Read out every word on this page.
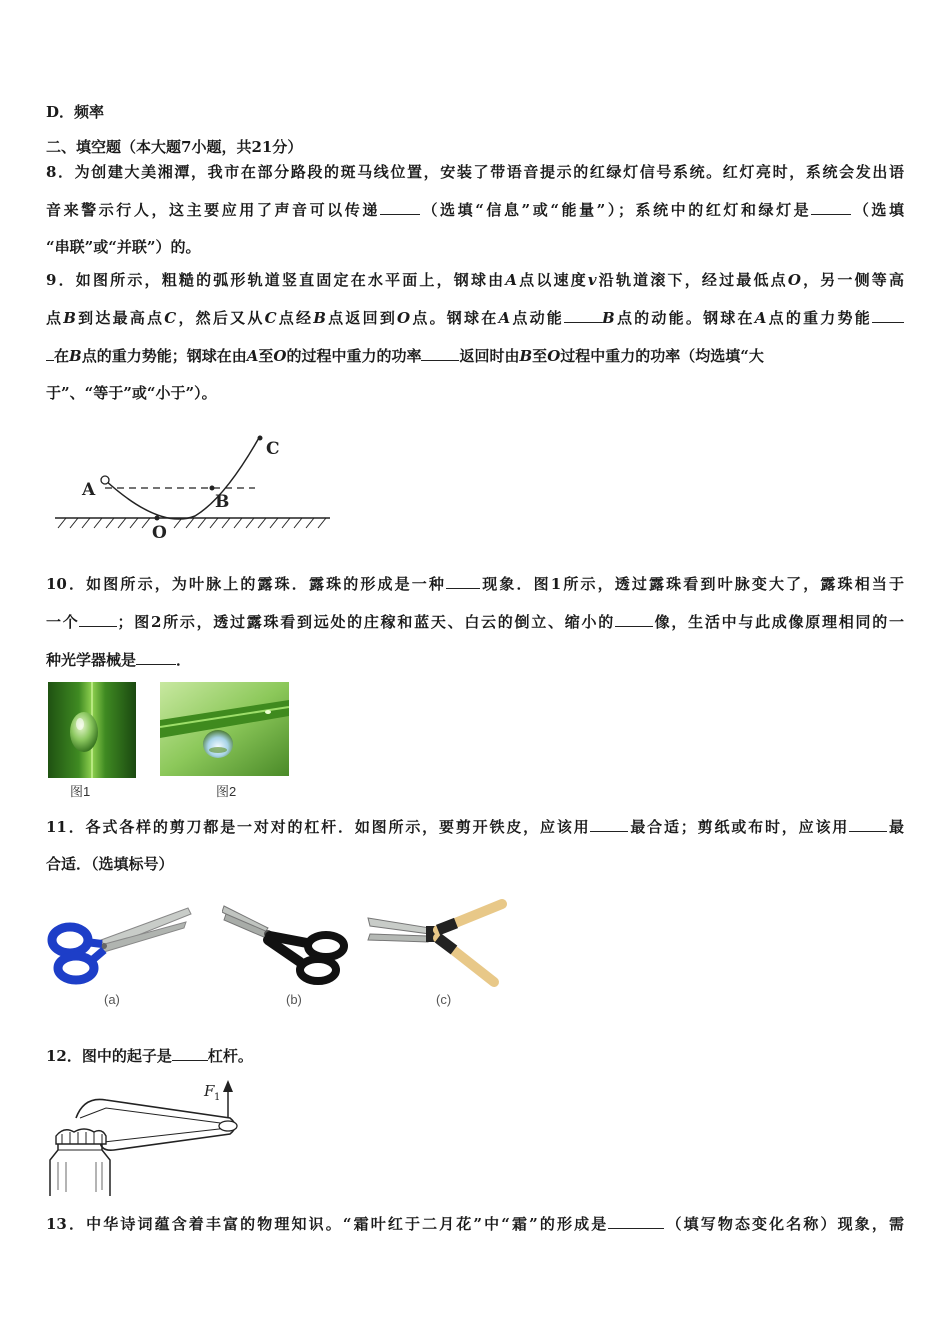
D．频率
二、填空题（本大题7小题，共21分）
8．为创建大美湘潭，我市在部分路段的斑马线位置，安装了带语音提示的红绿灯信号系统。红灯亮时，系统会发出语
音来警示行人，这主要应用了声音可以传递	（选填“信息”或“能量”）；系统中的红灯和绿灯是	（选填
“串联”或“并联”）的。
9．如图所示，粗糙的弧形轨道竖直固定在水平面上，钢球由A点以速度v沿轨道滚下，经过最低点O，另一侧等高
点B到达最高点C，然后又从C点经B点返回到O点。钢球在A点动能	B点的动能。钢球在A点的重力势能
在B点的重力势能；钢球在由A至O的过程中重力的功率	返回时由B至O过程中重力的功率（均选填“大
于”、“等于”或“小于”）。
A
B
C
O
10．如图所示，为叶脉上的露珠．露珠的形成是一种 现象．图1所示，透过露珠看到叶脉变大了，露珠相当于
一个	；图2所示，透过露珠看到远处的庄稼和蓝天、白云的倒立、缩小的	像，生活中与此成像原理相同的一
种光学器械是	．
图1	图2
11．各式各样的剪刀都是一对对的杠杆．如图所示，要剪开铁皮，应该用	最合适；剪纸或布时，应该用	最
合适．（选填标号）
(a)	(b)	(c)
12．图中的起子是 杠杆。
F 1
13．中华诗词蕴含着丰富的物理知识。“霜叶红于二月花”中“霜”的形成是	（填写物态变化名称）现象，需
